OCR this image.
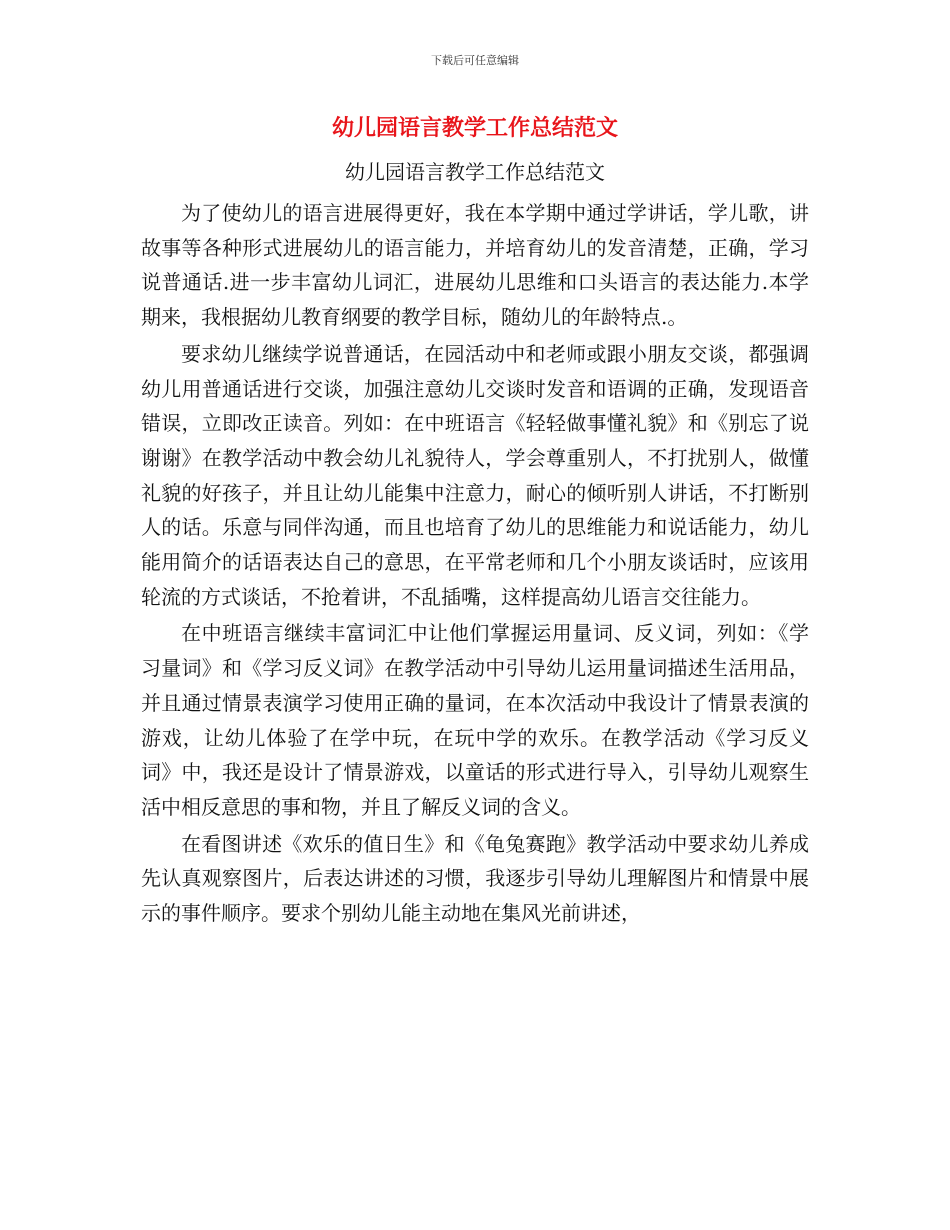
下载后可任意编辑
幼儿园语言教学工作总结范文
幼儿园语言教学工作总结范文

为了使幼儿的语言进展得更好，我在本学期中通过学讲话，学儿歌，讲故事等各种形式进展幼儿的语言能力，并培育幼儿的发音清楚，正确，学习说普通话.进一步丰富幼儿词汇，进展幼儿思维和口头语言的表达能力.本学期来，我根据幼儿教育纲要的教学目标，随幼儿的年龄特点.。

要求幼儿继续学说普通话，在园活动中和老师或跟小朋友交谈，都强调幼儿用普通话进行交谈，加强注意幼儿交谈时发音和语调的正确，发现语音错误，立即改正读音。列如：在中班语言《轻轻做事懂礼貌》和《别忘了说谢谢》在教学活动中教会幼儿礼貌待人，学会尊重别人，不打扰别人，做懂礼貌的好孩子，并且让幼儿能集中注意力，耐心的倾听别人讲话，不打断别人的话。乐意与同伴沟通，而且也培育了幼儿的思维能力和说话能力，幼儿能用简介的话语表达自己的意思，在平常老师和几个小朋友谈话时，应该用轮流的方式谈话，不抢着讲，不乱插嘴，这样提高幼儿语言交往能力。

在中班语言继续丰富词汇中让他们掌握运用量词、反义词，列如：《学习量词》和《学习反义词》在教学活动中引导幼儿运用量词描述生活用品，并且通过情景表演学习使用正确的量词，在本次活动中我设计了情景表演的游戏，让幼儿体验了在学中玩，在玩中学的欢乐。在教学活动《学习反义词》中，我还是设计了情景游戏，以童话的形式进行导入，引导幼儿观察生活中相反意思的事和物，并且了解反义词的含义。

在看图讲述《欢乐的值日生》和《龟兔赛跑》教学活动中要求幼儿养成先认真观察图片，后表达讲述的习惯，我逐步引导幼儿理解图片和情景中展示的事件顺序。要求个别幼儿能主动地在集风光前讲述，
